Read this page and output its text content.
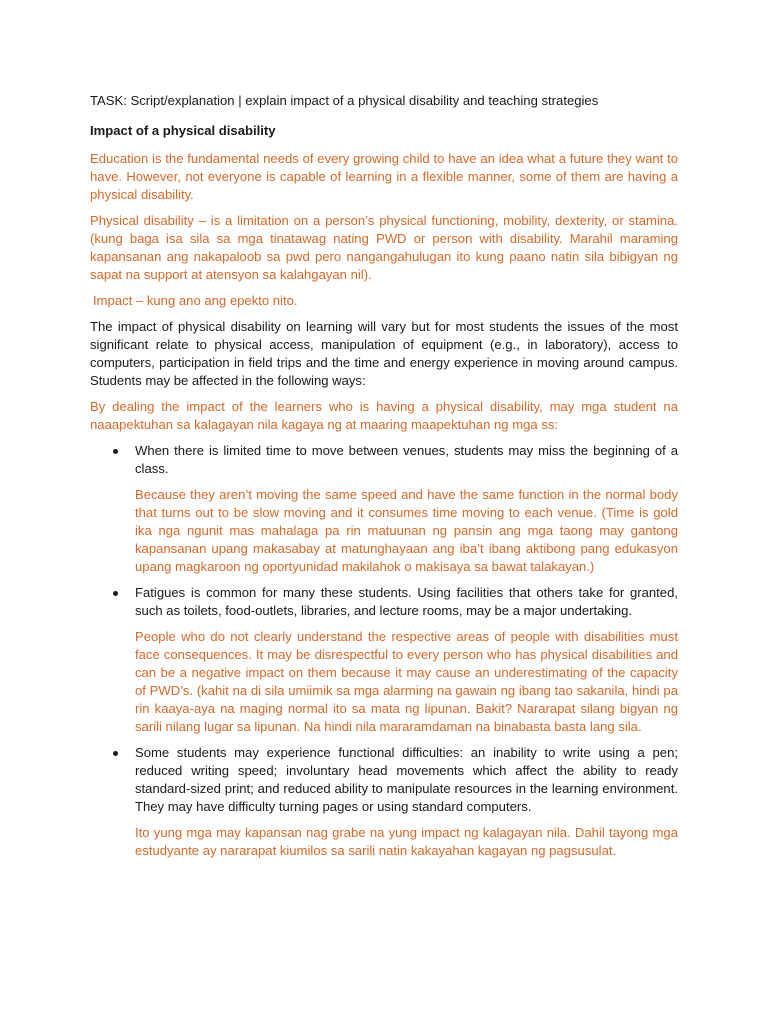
TASK: Script/explanation | explain impact of a physical disability and teaching strategies
Impact of a physical disability

Education is the fundamental needs of every growing child to have an idea what a future they want to have. However, not everyone is capable of learning in a flexible manner, some of them are having a physical disability.

Physical disability – is a limitation on a person’s physical functioning, mobility, dexterity, or stamina. (kung baga isa sila sa mga tinatawag nating PWD or person with disability. Marahil maraming kapansanan ang nakapaloob sa pwd pero nangangahulugan ito kung paano natin sila bibigyan ng sapat na support at atensyon sa kalahgayan nil).

Impact – kung ano ang epekto nito.

The impact of physical disability on learning will vary but for most students the issues of the most significant relate to physical access, manipulation of equipment (e.g., in laboratory), access to computers, participation in field trips and the time and energy experience in moving around campus. Students may be affected in the following ways:

By dealing the impact of the learners who is having a physical disability, may mga student na naaapektuhan sa kalagayan nila kagaya ng at maaring maapektuhan ng mga ss:

When there is limited time to move between venues, students may miss the beginning of a class.

Because they aren’t moving the same speed and have the same function in the normal body that turns out to be slow moving and it consumes time moving to each venue. (Time is gold ika nga ngunit mas mahalaga pa rin matuunan ng pansin ang mga taong may gantong kapansanan upang makasabay at matunghayaan ang iba’t ibang aktibong pang edukasyon upang magkaroon ng oportyunidad makilahok o makisaya sa bawat talakayan.)

Fatigues is common for many these students. Using facilities that others take for granted, such as toilets, food-outlets, libraries, and lecture rooms, may be a major undertaking.

People who do not clearly understand the respective areas of people with disabilities must face consequences. It may be disrespectful to every person who has physical disabilities and can be a negative impact on them because it may cause an underestimating of the capacity of PWD’s. (kahit na di sila umiimik sa mga alarming na gawain ng ibang tao sakanila, hindi pa rin kaaya-aya na maging normal ito sa mata ng lipunan. Bakit? Nararapat silang bigyan ng sarili nilang lugar sa lipunan. Na hindi nila mararamdaman na binabasta basta lang sila.

Some students may experience functional difficulties: an inability to write using a pen; reduced writing speed; involuntary head movements which affect the ability to ready standard-sized print; and reduced ability to manipulate resources in the learning environment. They may have difficulty turning pages or using standard computers.

Ito yung mga may kapansan nag grabe na yung impact ng kalagayan nila. Dahil tayong mga estudyante ay nararapat kiumilos sa sarili natin kakayahan kagayan ng pagsusulat.
